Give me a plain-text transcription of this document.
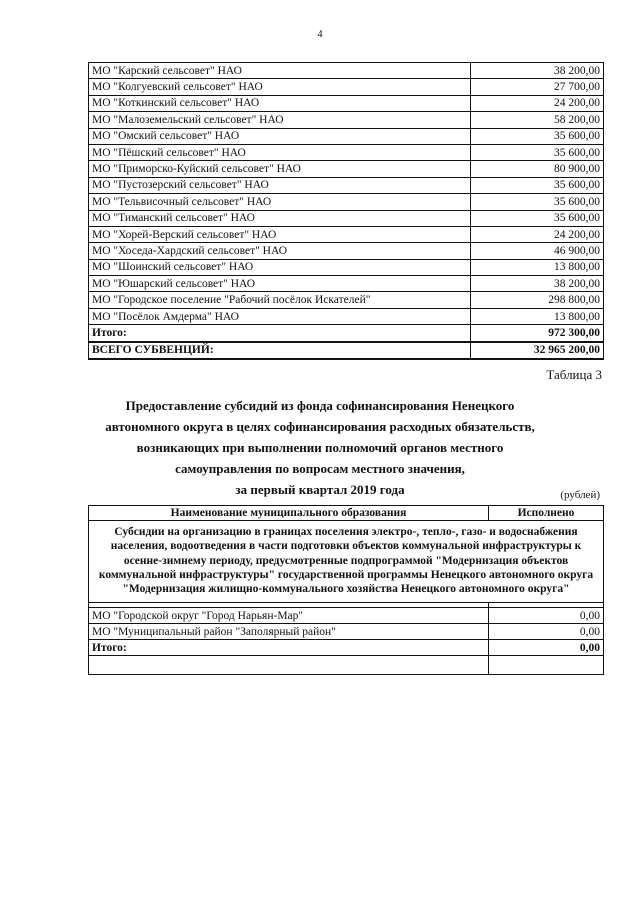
4
МО "Карский сельсовет" НАО	38 200,00
МО "Колгуевский сельсовет" НАО	27 700,00
МО "Коткинский сельсовет" НАО	24 200,00
МО "Малоземельский сельсовет" НАО	58 200,00
МО "Омский сельсовет" НАО	35 600,00
МО "Пёшский сельсовет" НАО	35 600,00
МО "Приморско-Куйский сельсовет" НАО	80 900,00
МО "Пустозерский сельсовет" НАО	35 600,00
МО "Тельвисочный сельсовет" НАО	35 600,00
МО "Тиманский сельсовет" НАО	35 600,00
МО "Хорей-Верский сельсовет" НАО	24 200,00
МО "Хоседа-Хардский сельсовет" НАО	46 900,00
МО "Шоинский сельсовет" НАО	13 800,00
МО "Юшарский сельсовет" НАО	38 200,00
МО "Городское поселение "Рабочий посёлок Искателей"	298 800,00
МО "Посёлок Амдерма" НАО	13 800,00
Итого:	972 300,00
ВСЕГО СУБВЕНЦИЙ:	32 965 200,00
Таблица 3
Предоставление субсидий из фонда софинансирования Ненецкого
автономного округа в целях софинансирования расходных обязательств,
возникающих при выполнении полномочий органов местного
самоуправления по вопросам местного значения,
за первый квартал 2019 года	(рублей)
Наименование муниципального образования	Исполнено
Субсидии на организацию в границах поселения электро-, тепло-, газо- и водоснабжения населения, водоотведения в части подготовки объектов коммунальной инфраструктуры к осенне-зимнему периоду, предусмотренные подпрограммой "Модернизация объектов коммунальной инфраструктуры" государственной программы Ненецкого автономного округа "Модернизация жилищно-коммунального хозяйства Ненецкого автономного округа"	

МО "Городской округ "Город Нарьян-Мар"	0,00
МО "Муниципальный район "Заполярный район"	0,00
Итого:	0,00
